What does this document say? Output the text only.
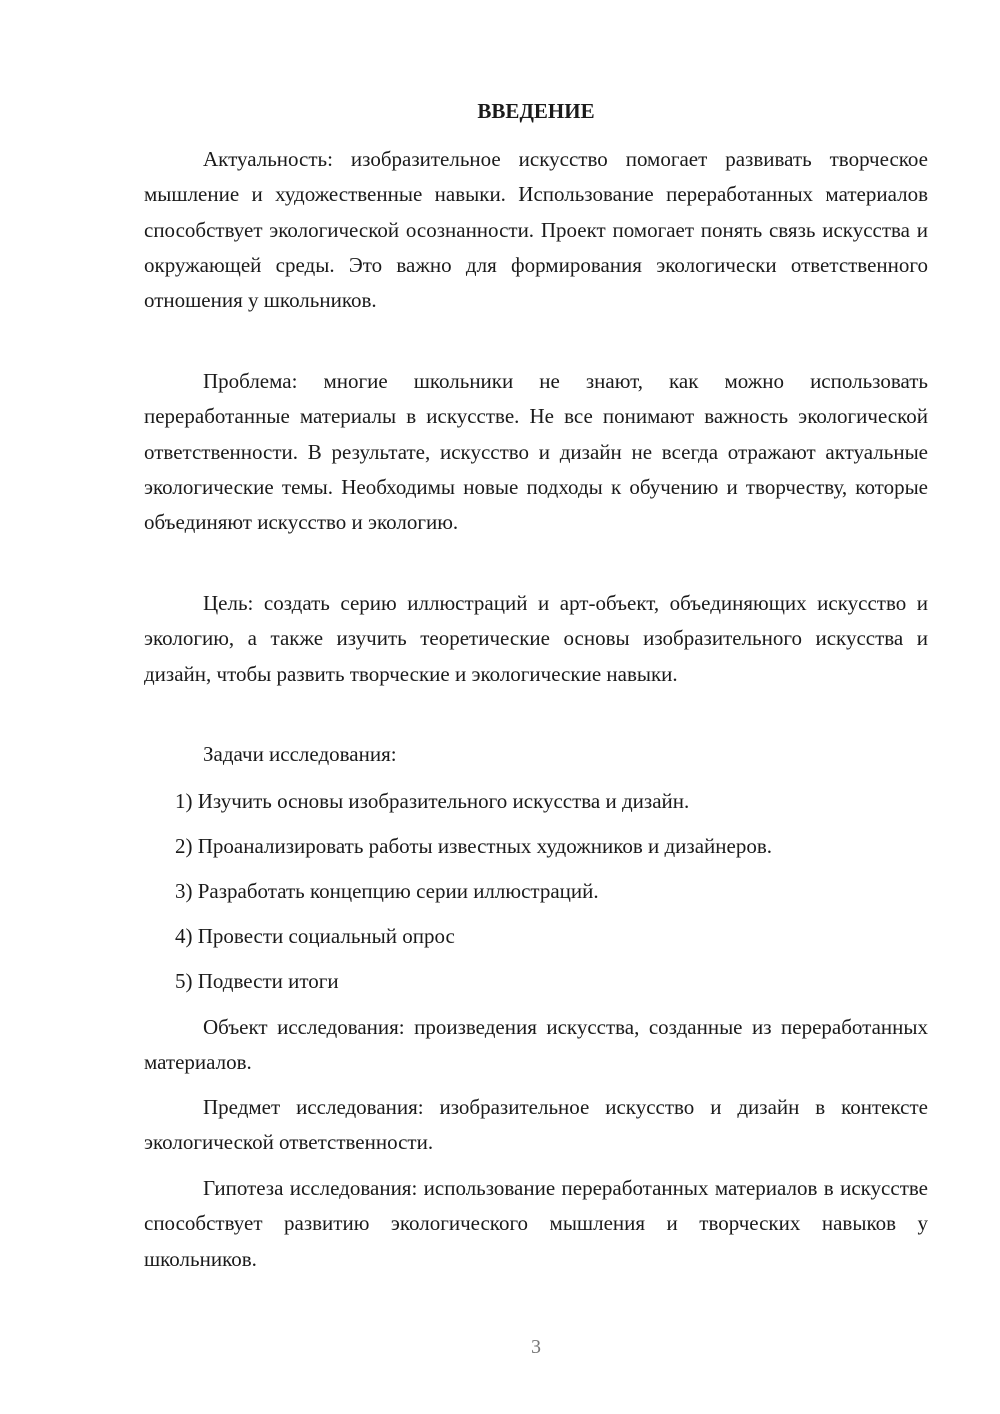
ВВЕДЕНИЕ

Актуальность: изобразительное искусство помогает развивать творческое мышление и художественные навыки. Использование переработанных материалов способствует экологической осознанности. Проект помогает понять связь искусства и окружающей среды. Это важно для формирования экологически ответственного отношения у школьников.

Проблема: многие школьники не знают, как можно использовать переработанные материалы в искусстве. Не все понимают важность экологической ответственности. В результате, искусство и дизайн не всегда отражают актуальные экологические темы. Необходимы новые подходы к обучению и творчеству, которые объединяют искусство и экологию.

Цель: создать серию иллюстраций и арт-объект, объединяющих искусство и экологию, а также изучить теоретические основы изобразительного искусства и дизайн, чтобы развить творческие и экологические навыки.

Задачи исследования:

1) Изучить основы изобразительного искусства и дизайн.

2) Проанализировать работы известных художников и дизайнеров.

3) Разработать концепцию серии иллюстраций.

4) Провести социальный опрос

5) Подвести итоги

Объект исследования: произведения искусства, созданные из переработанных материалов.

Предмет исследования: изобразительное искусство и дизайн в контексте экологической ответственности.

Гипотеза исследования: использование переработанных материалов в искусстве способствует развитию экологического мышления и творческих навыков у школьников.

3
